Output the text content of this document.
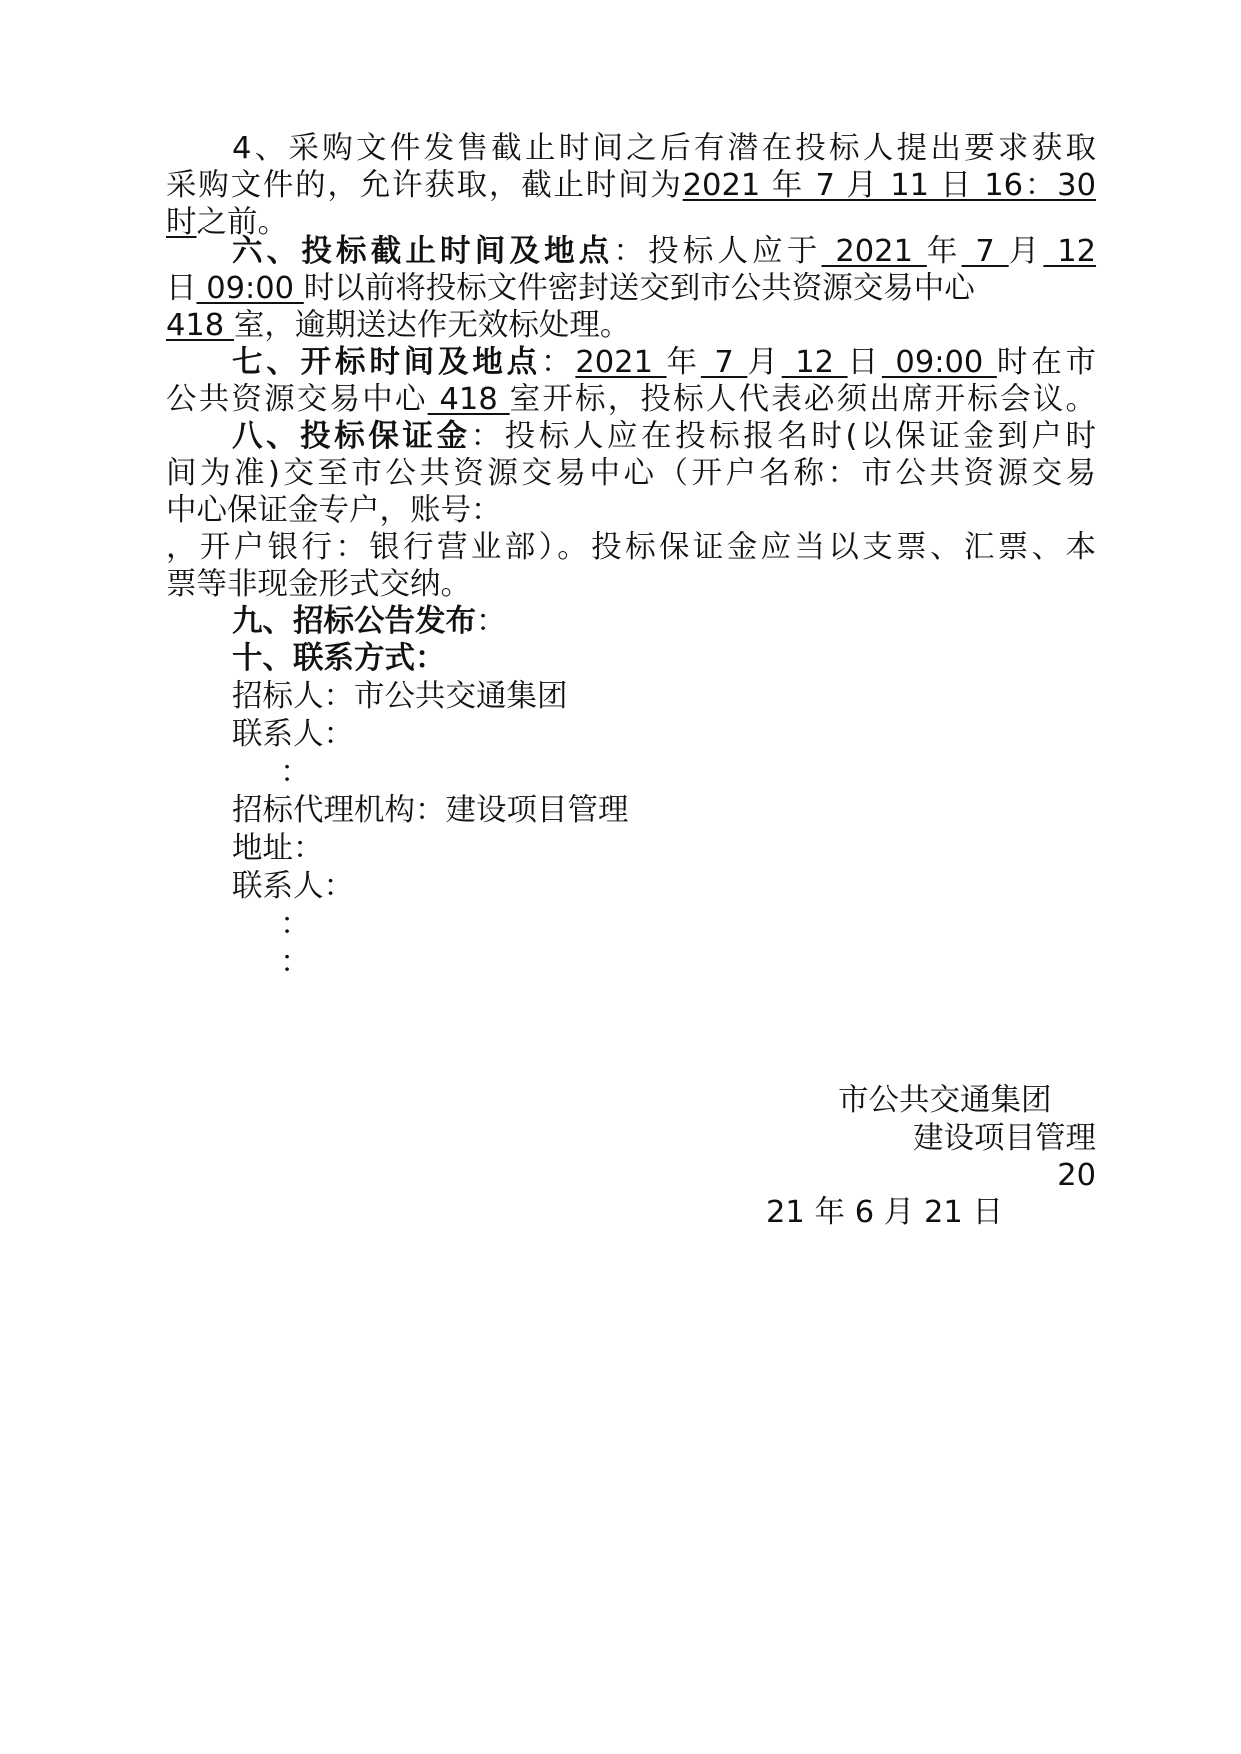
4、采购文件发售截止时间之后有潜在投标人提出要求获取
采购文件的，允许获取，截止时间为2021 年 7 月 11 日 16：30
时之前。
六、投标截止时间及地点：投标人应于 2021 年 7 月 12
日 09:00 时以前将投标文件密封送交到市公共资源交易中心
418 室，逾期送达作无效标处理。
七、开标时间及地点：2021 年 7 月 12 日 09:00 时在市
公共资源交易中心 418 室开标，投标人代表必须出席开标会议。
八、投标保证金：投标人应在投标报名时(以保证金到户时
间为准)交至市公共资源交易中心（开户名称：市公共资源交易
中心保证金专户，账号：
，开户银行：银行营业部）。投标保证金应当以支票、汇票、本
票等非现金形式交纳。
九、招标公告发布：
十、联系方式：
招标人：市公共交通集团
联系人：
：
招标代理机构：建设项目管理
地址：
联系人：
：
：
市公共交通集团
建设项目管理
20
21 年 6 月 21 日
